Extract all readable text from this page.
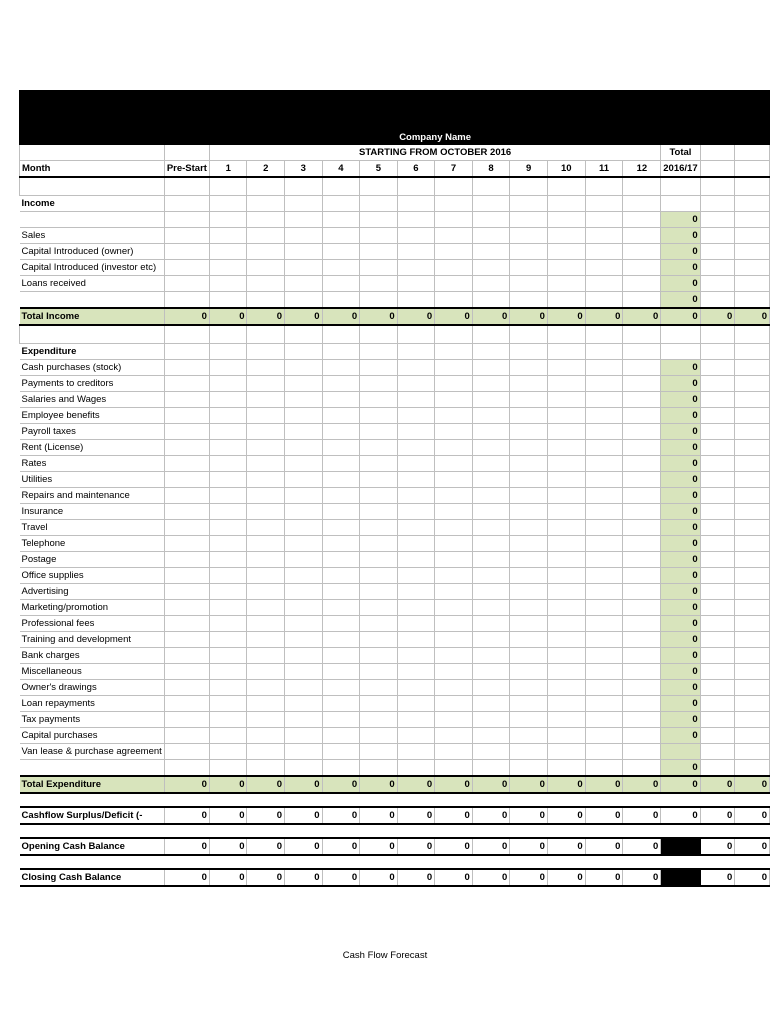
		Company Name														
		STARTING FROM OCTOBER 2016												Total		
Month	Pre-Start	1	2	3	4	5	6	7	8	9	10	11	12	2016/17		

Income																
														0		
Sales														0		
Capital Introduced (owner)														0		
Capital Introduced (investor etc)														0		
Loans received														0		
														0		
Total Income	0	0	0	0	0	0	0	0	0	0	0	0	0	0	0	0

Expenditure																
Cash purchases (stock)														0		
Payments to creditors														0		
Salaries and Wages														0		
Employee benefits														0		
Payroll taxes														0		
Rent (License)														0		
Rates														0		
Utilities														0		
Repairs and maintenance														0		
Insurance														0		
Travel														0		
Telephone														0		
Postage														0		
Office supplies														0		
Advertising														0		
Marketing/promotion														0		
Professional fees														0		
Training and development														0		
Bank charges														0		
Miscellaneous														0		
Owner's drawings														0		
Loan repayments														0		
Tax payments														0		
Capital purchases														0		
Van lease & purchase agreement																
														0		
Total Expenditure	0	0	0	0	0	0	0	0	0	0	0	0	0	0	0	0

Cashflow Surplus/Deficit (-	0	0	0	0	0	0	0	0	0	0	0	0	0	0	0	0

Opening Cash Balance	0	0	0	0	0	0	0	0	0	0	0	0	0		0	0

Closing Cash Balance	0	0	0	0	0	0	0	0	0	0	0	0	0		0	0
Cash Flow Forecast
